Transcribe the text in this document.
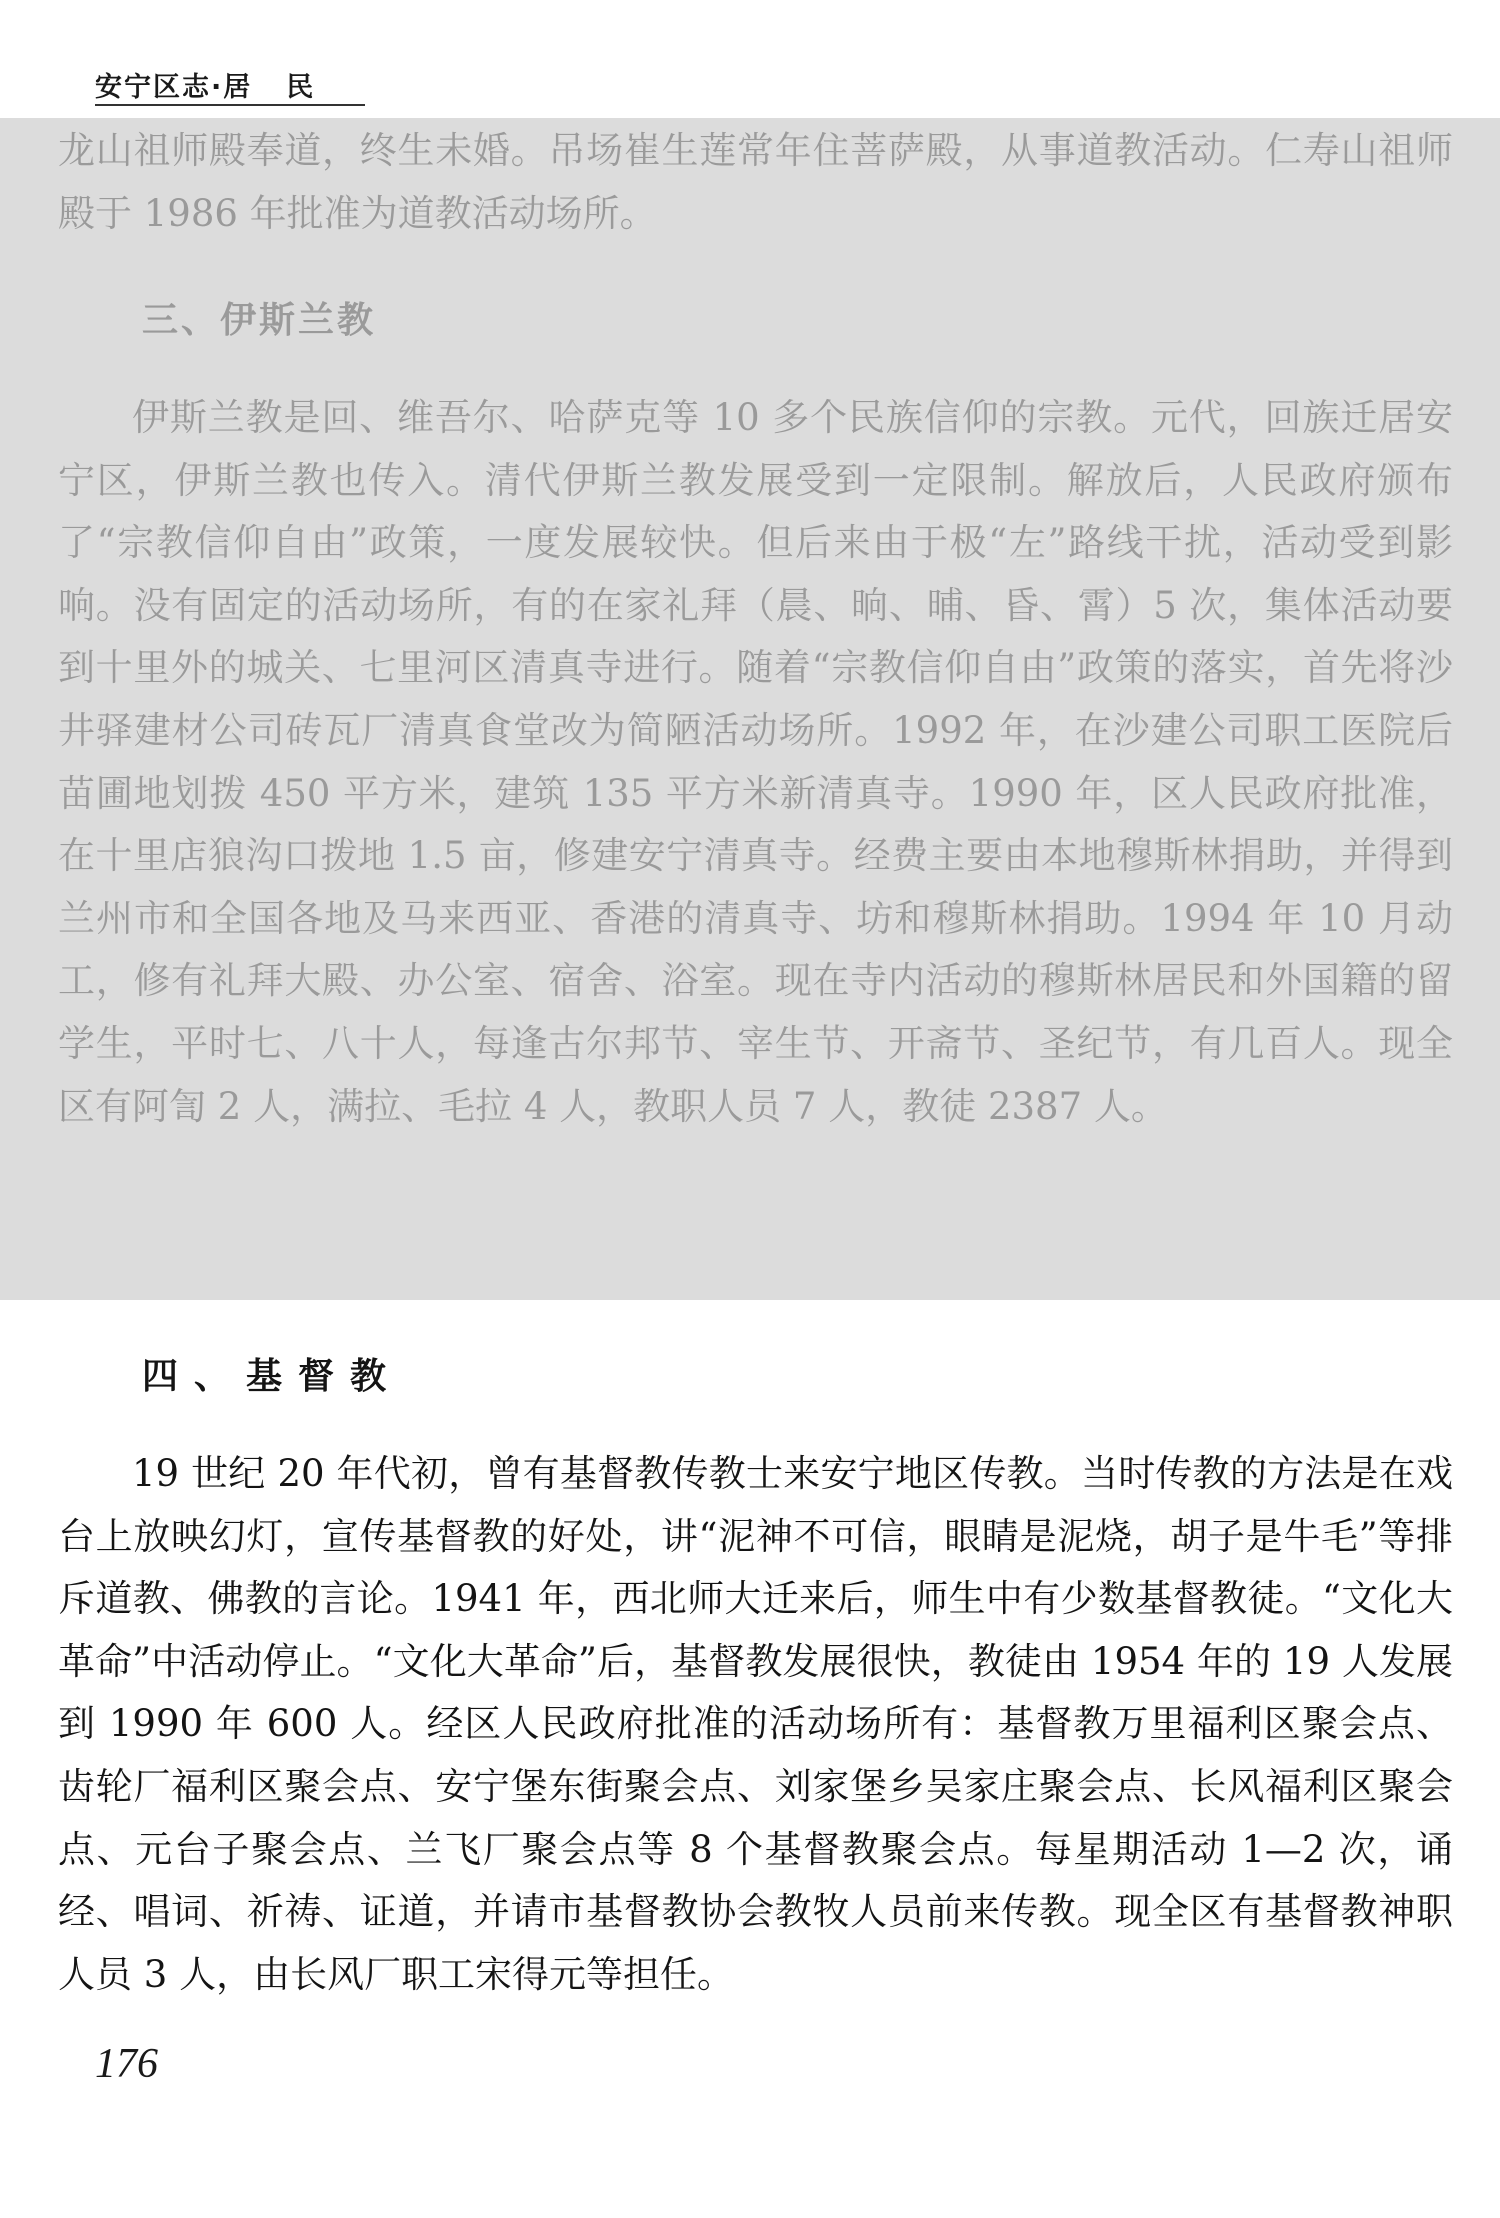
安宁区志·居 民

龙山祖师殿奉道，终生未婚。吊场崔生莲常年住菩萨殿，从事道教活动。仁寿山祖师殿于 1986 年批准为道教活动场所。

三、伊斯兰教

伊斯兰教是回、维吾尔、哈萨克等 10 多个民族信仰的宗教。元代，回族迁居安宁区，伊斯兰教也传入。清代伊斯兰教发展受到一定限制。解放后，人民政府颁布了“宗教信仰自由”政策，一度发展较快。但后来由于极“左”路线干扰，活动受到影响。没有固定的活动场所，有的在家礼拜（晨、晌、晡、昏、霄）5 次，集体活动要到十里外的城关、七里河区清真寺进行。随着“宗教信仰自由”政策的落实，首先将沙井驿建材公司砖瓦厂清真食堂改为简陋活动场所。1992 年，在沙建公司职工医院后苗圃地划拨 450 平方米，建筑 135 平方米新清真寺。1990 年，区人民政府批准，在十里店狼沟口拨地 1.5 亩，修建安宁清真寺。经费主要由本地穆斯林捐助，并得到兰州市和全国各地及马来西亚、香港的清真寺、坊和穆斯林捐助。1994 年 10 月动工，修有礼拜大殿、办公室、宿舍、浴室。现在寺内活动的穆斯林居民和外国籍的留学生，平时七、八十人，每逢古尔邦节、宰生节、开斋节、圣纪节，有几百人。现全区有阿訇 2 人，满拉、毛拉 4 人，教职人员 7 人，教徒 2387 人。

四、基督教

19 世纪 20 年代初，曾有基督教传教士来安宁地区传教。当时传教的方法是在戏台上放映幻灯，宣传基督教的好处，讲“泥神不可信，眼睛是泥烧，胡子是牛毛”等排斥道教、佛教的言论。1941 年，西北师大迁来后，师生中有少数基督教徒。“文化大革命”中活动停止。“文化大革命”后，基督教发展很快，教徒由 1954 年的 19 人发展到 1990 年 600 人。经区人民政府批准的活动场所有：基督教万里福利区聚会点、齿轮厂福利区聚会点、安宁堡东街聚会点、刘家堡乡吴家庄聚会点、长风福利区聚会点、元台子聚会点、兰飞厂聚会点等 8 个基督教聚会点。每星期活动 1—2 次，诵经、唱词、祈祷、证道，并请市基督教协会教牧人员前来传教。现全区有基督教神职人员 3 人，由长风厂职工宋得元等担任。

176
